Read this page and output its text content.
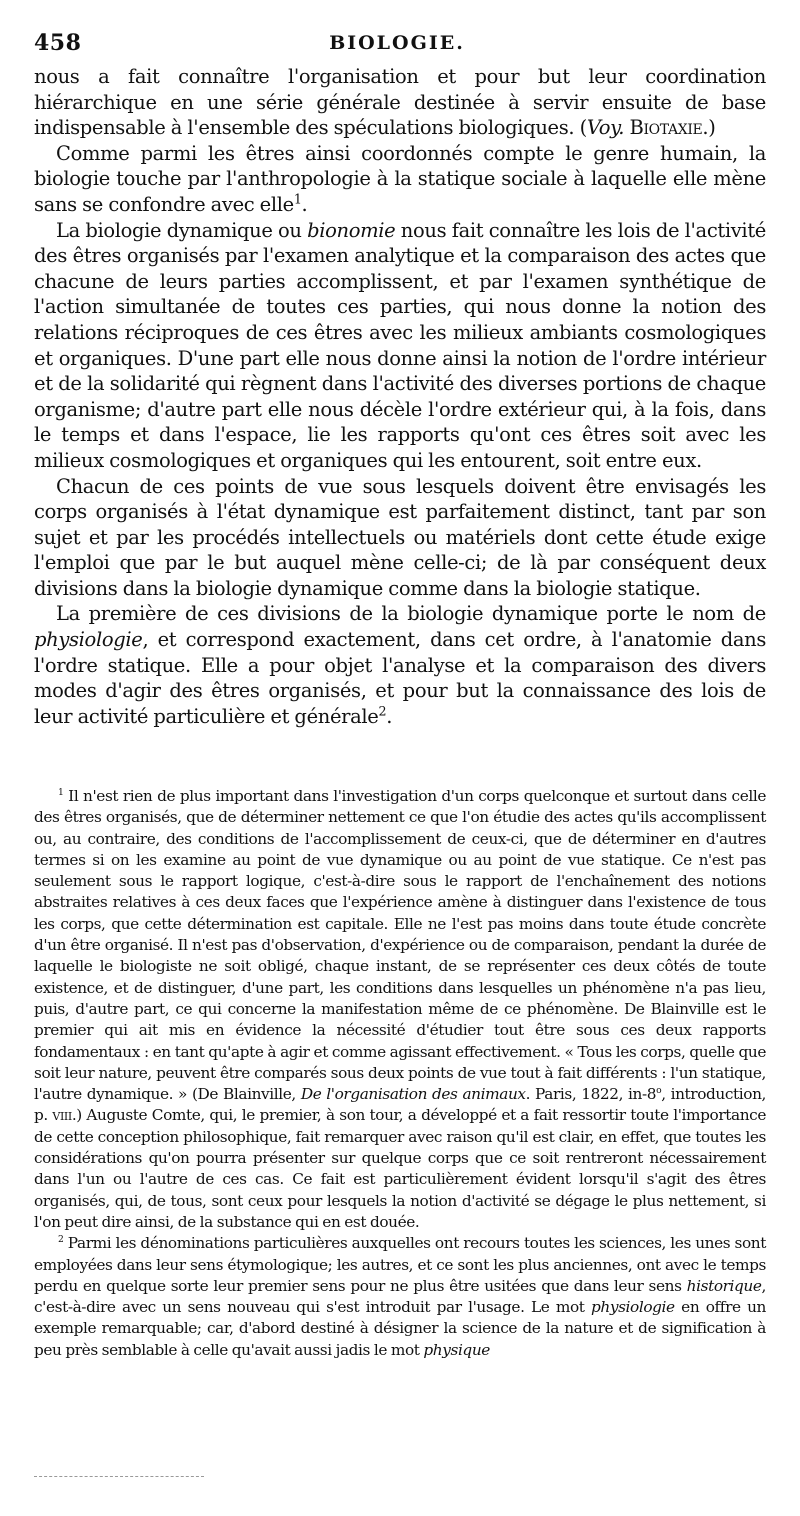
458	BIOLOGIE.

nous a fait connaître l'organisation et pour but leur coordination hiérarchique en une série générale destinée à servir ensuite de base indispensable à l'ensemble des spéculations biologiques. (Voy. Biotaxie.)

Comme parmi les êtres ainsi coordonnés compte le genre humain, la biologie touche par l'anthropologie à la statique sociale à laquelle elle mène sans se confondre avec elle$^1$.

La biologie dynamique ou bionomie nous fait connaître les lois de l'activité des êtres organisés par l'examen analytique et la comparaison des actes que chacune de leurs parties accomplissent, et par l'examen synthétique de l'action simultanée de toutes ces parties, qui nous donne la notion des relations réciproques de ces êtres avec les milieux ambiants cosmologiques et organiques. D'une part elle nous donne ainsi la notion de l'ordre intérieur et de la solidarité qui règnent dans l'activité des diverses portions de chaque organisme; d'autre part elle nous décèle l'ordre extérieur qui, à la fois, dans le temps et dans l'espace, lie les rapports qu'ont ces êtres soit avec les milieux cosmologiques et organiques qui les entourent, soit entre eux.

Chacun de ces points de vue sous lesquels doivent être envisagés les corps organisés à l'état dynamique est parfaitement distinct, tant par son sujet et par les procédés intellectuels ou matériels dont cette étude exige l'emploi que par le but auquel mène celle-ci; de là par conséquent deux divisions dans la biologie dynamique comme dans la biologie statique.

La première de ces divisions de la biologie dynamique porte le nom de physiologie, et correspond exactement, dans cet ordre, à l'anatomie dans l'ordre statique. Elle a pour objet l'analyse et la comparaison des divers modes d'agir des êtres organisés, et pour but la connaissance des lois de leur activité particulière et générale$^2$.

$^1$ Il n'est rien de plus important dans l'investigation d'un corps quelconque et surtout dans celle des êtres organisés, que de déterminer nettement ce que l'on étudie des actes qu'ils accomplissent ou, au contraire, des conditions de l'accomplissement de ceux-ci, que de déterminer en d'autres termes si on les examine au point de vue dynamique ou au point de vue statique. Ce n'est pas seulement sous le rapport logique, c'est-à-dire sous le rapport de l'enchaînement des notions abstraites relatives à ces deux faces que l'expérience amène à distinguer dans l'existence de tous les corps, que cette détermination est capitale. Elle ne l'est pas moins dans toute étude concrète d'un être organisé. Il n'est pas d'observation, d'expérience ou de comparaison, pendant la durée de laquelle le biologiste ne soit obligé, chaque instant, de se représenter ces deux côtés de toute existence, et de distinguer, d'une part, les conditions dans lesquelles un phénomène n'a pas lieu, puis, d'autre part, ce qui concerne la manifestation même de ce phénomène. De Blainville est le premier qui ait mis en évidence la nécessité d'étudier tout être sous ces deux rapports fondamentaux : en tant qu'apte à agir et comme agissant effectivement. « Tous les corps, quelle que soit leur nature, peuvent être comparés sous deux points de vue tout à fait différents : l'un statique, l'autre dynamique. » (De Blainville, De l'organisation des animaux. Paris, 1822, in-8$^o$, introduction, p. viii.) Auguste Comte, qui, le premier, à son tour, a développé et a fait ressortir toute l'importance de cette conception philosophique, fait remarquer avec raison qu'il est clair, en effet, que toutes les considérations qu'on pourra présenter sur quelque corps que ce soit rentreront nécessairement dans l'un ou l'autre de ces cas. Ce fait est particulièrement évident lorsqu'il s'agit des êtres organisés, qui, de tous, sont ceux pour lesquels la notion d'activité se dégage le plus nettement, si l'on peut dire ainsi, de la substance qui en est douée.

$^2$ Parmi les dénominations particulières auxquelles ont recours toutes les sciences, les unes sont employées dans leur sens étymologique; les autres, et ce sont les plus anciennes, ont avec le temps perdu en quelque sorte leur premier sens pour ne plus être usitées que dans leur sens historique, c'est-à-dire avec un sens nouveau qui s'est introduit par l'usage. Le mot physiologie en offre un exemple remarquable; car, d'abord destiné à désigner la science de la nature et de signification à peu près semblable à celle qu'avait aussi jadis le mot physique
